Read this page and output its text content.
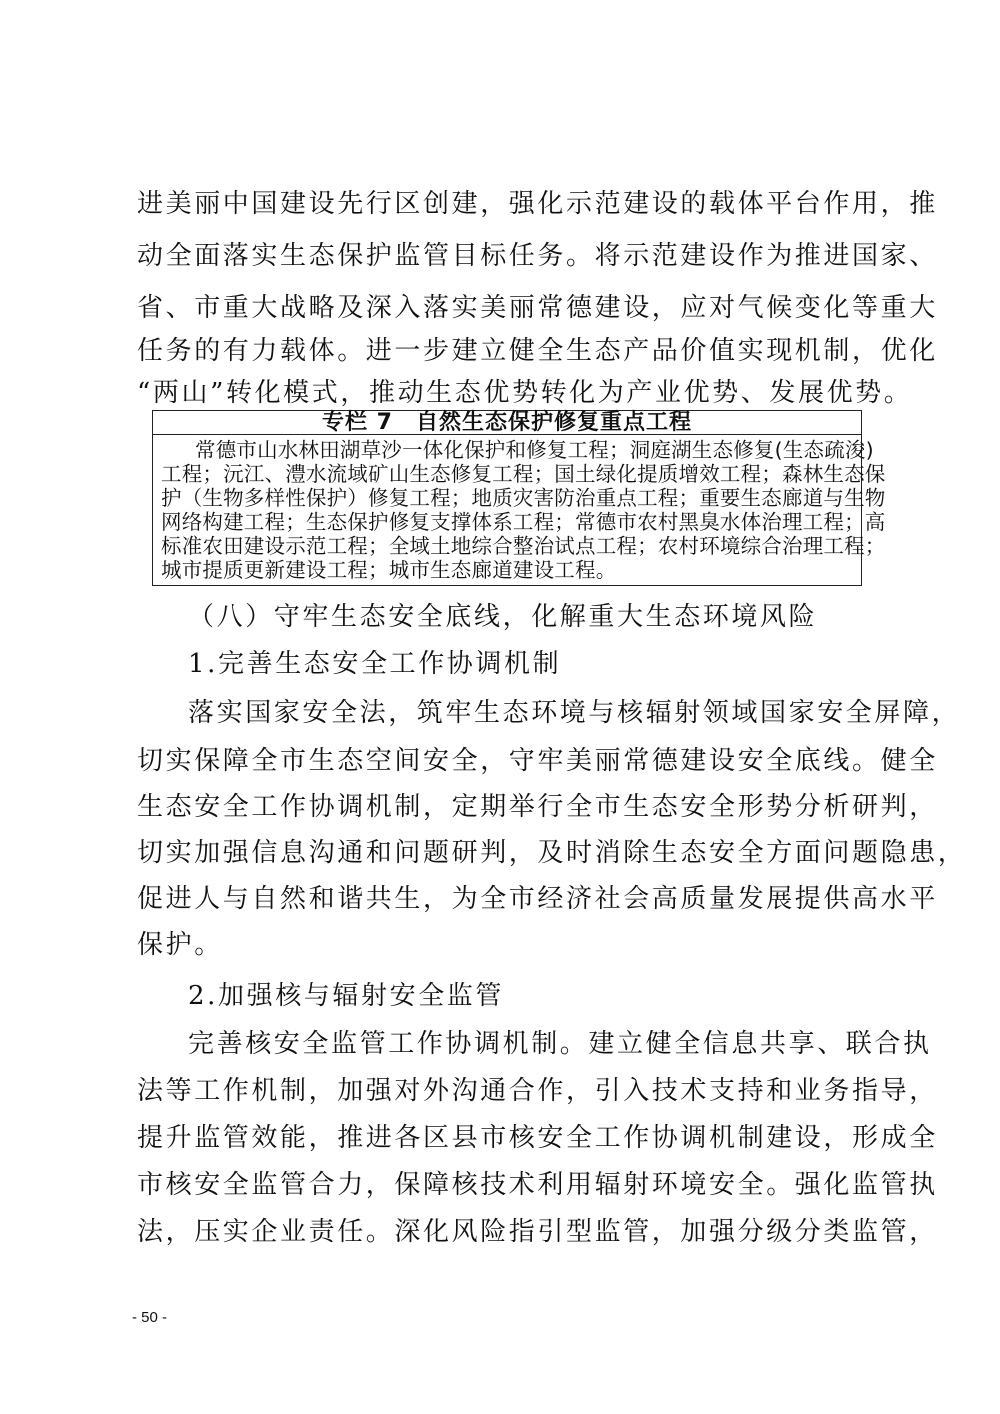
进美丽中国建设先行区创建，强化示范建设的载体平台作用，推
动全面落实生态保护监管目标任务。将示范建设作为推进国家、
省、市重大战略及深入落实美丽常德建设，应对气候变化等重大
任务的有力载体。进一步建立健全生态产品价值实现机制，优化
“两山”转化模式，推动生态优势转化为产业优势、发展优势。
专栏 7　自然生态保护修复重点工程
常德市山水林田湖草沙一体化保护和修复工程；洞庭湖生态修复(生态疏浚)
工程；沅江、澧水流域矿山生态修复工程；国土绿化提质增效工程；森林生态保
护（生物多样性保护）修复工程；地质灾害防治重点工程；重要生态廊道与生物
网络构建工程；生态保护修复支撑体系工程；常德市农村黑臭水体治理工程；高
标准农田建设示范工程；全域土地综合整治试点工程；农村环境综合治理工程；
城市提质更新建设工程；城市生态廊道建设工程。
（八）守牢生态安全底线，化解重大生态环境风险
1.完善生态安全工作协调机制
落实国家安全法，筑牢生态环境与核辐射领域国家安全屏障，
切实保障全市生态空间安全，守牢美丽常德建设安全底线。健全
生态安全工作协调机制，定期举行全市生态安全形势分析研判，
切实加强信息沟通和问题研判，及时消除生态安全方面问题隐患，
促进人与自然和谐共生，为全市经济社会高质量发展提供高水平
保护。
2.加强核与辐射安全监管
完善核安全监管工作协调机制。建立健全信息共享、联合执
法等工作机制，加强对外沟通合作，引入技术支持和业务指导，
提升监管效能，推进各区县市核安全工作协调机制建设，形成全
市核安全监管合力，保障核技术利用辐射环境安全。强化监管执
法，压实企业责任。深化风险指引型监管，加强分级分类监管，
- 50 -
